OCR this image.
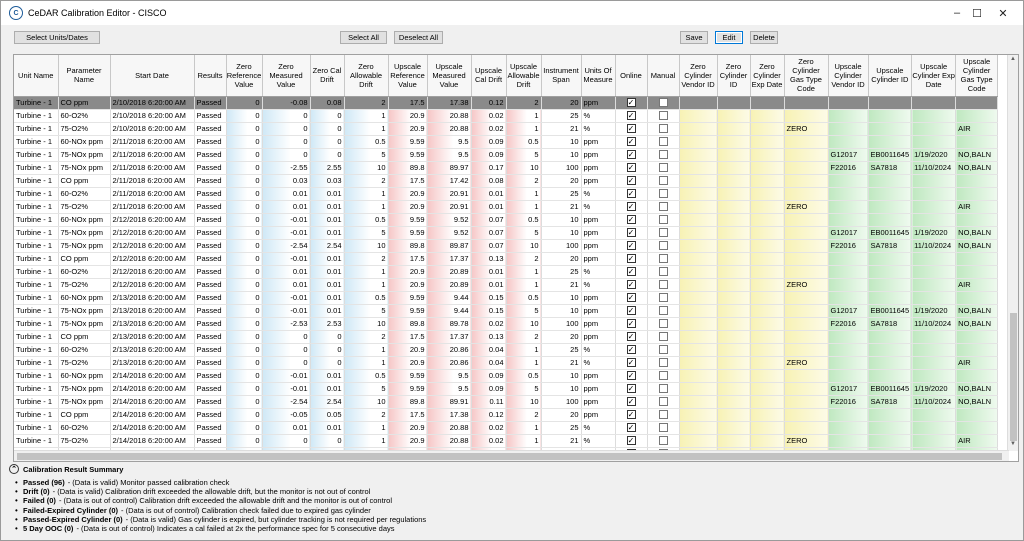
C	CeDAR Calibration Editor - CISCO	–	☐	✕
Select Units/Dates	Select All	Deselect All	Save	Edit	Delete
Unit Name	Parameter Name	Start Date	Results	Zero Reference Value	Zero Measured Value	Zero Cal Drift	Zero Allowable Drift	Upscale Reference Value	Upscale Measured Value	Upscale Cal Drift	Upscale Allowable Drift	Instrument Span	Units Of Measure	Online	Manual	Zero Cylinder Vendor ID	Zero Cylinder ID	Zero Cylinder Exp Date	Zero Cylinder Gas Type Code	Upscale Cylinder Vendor ID	Upscale Cylinder ID	Upscale Cylinder Exp Date	Upscale Cylinder Gas Type Code
Turbine - 1	CO ppm	2/10/2018 6:20:00 AM	Passed	0	-0.08	0.08	2	17.5	17.38	0.12	2	20	ppm	✓									
Turbine - 1	60-O2%	2/10/2018 6:20:00 AM	Passed	0	0	0	1	20.9	20.88	0.02	1	25	%	✓									
Turbine - 1	75-O2%	2/10/2018 6:20:00 AM	Passed	0	0	0	1	20.9	20.88	0.02	1	21	%	✓					ZERO				AIR
Turbine - 1	60-NOx ppm	2/11/2018 6:20:00 AM	Passed	0	0	0	0.5	9.59	9.5	0.09	0.5	10	ppm	✓									
Turbine - 1	75-NOx ppm	2/11/2018 6:20:00 AM	Passed	0	0	0	5	9.59	9.5	0.09	5	10	ppm	✓						G12017	EB0011645	1/19/2020	NO,BALN
Turbine - 1	75-NOx ppm	2/11/2018 6:20:00 AM	Passed	0	-2.55	2.55	10	89.8	89.97	0.17	10	100	ppm	✓						F22016	SA7818	11/10/2024	NO,BALN
Turbine - 1	CO ppm	2/11/2018 6:20:00 AM	Passed	0	0.03	0.03	2	17.5	17.42	0.08	2	20	ppm	✓									
Turbine - 1	60-O2%	2/11/2018 6:20:00 AM	Passed	0	0.01	0.01	1	20.9	20.91	0.01	1	25	%	✓									
Turbine - 1	75-O2%	2/11/2018 6:20:00 AM	Passed	0	0.01	0.01	1	20.9	20.91	0.01	1	21	%	✓					ZERO				AIR
Turbine - 1	60-NOx ppm	2/12/2018 6:20:00 AM	Passed	0	-0.01	0.01	0.5	9.59	9.52	0.07	0.5	10	ppm	✓									
Turbine - 1	75-NOx ppm	2/12/2018 6:20:00 AM	Passed	0	-0.01	0.01	5	9.59	9.52	0.07	5	10	ppm	✓						G12017	EB0011645	1/19/2020	NO,BALN
Turbine - 1	75-NOx ppm	2/12/2018 6:20:00 AM	Passed	0	-2.54	2.54	10	89.8	89.87	0.07	10	100	ppm	✓						F22016	SA7818	11/10/2024	NO,BALN
Turbine - 1	CO ppm	2/12/2018 6:20:00 AM	Passed	0	-0.01	0.01	2	17.5	17.37	0.13	2	20	ppm	✓									
Turbine - 1	60-O2%	2/12/2018 6:20:00 AM	Passed	0	0.01	0.01	1	20.9	20.89	0.01	1	25	%	✓									
Turbine - 1	75-O2%	2/12/2018 6:20:00 AM	Passed	0	0.01	0.01	1	20.9	20.89	0.01	1	21	%	✓					ZERO				AIR
Turbine - 1	60-NOx ppm	2/13/2018 6:20:00 AM	Passed	0	-0.01	0.01	0.5	9.59	9.44	0.15	0.5	10	ppm	✓									
Turbine - 1	75-NOx ppm	2/13/2018 6:20:00 AM	Passed	0	-0.01	0.01	5	9.59	9.44	0.15	5	10	ppm	✓						G12017	EB0011645	1/19/2020	NO,BALN
Turbine - 1	75-NOx ppm	2/13/2018 6:20:00 AM	Passed	0	-2.53	2.53	10	89.8	89.78	0.02	10	100	ppm	✓						F22016	SA7818	11/10/2024	NO,BALN
Turbine - 1	CO ppm	2/13/2018 6:20:00 AM	Passed	0	0	0	2	17.5	17.37	0.13	2	20	ppm	✓									
Turbine - 1	60-O2%	2/13/2018 6:20:00 AM	Passed	0	0	0	1	20.9	20.86	0.04	1	25	%	✓									
Turbine - 1	75-O2%	2/13/2018 6:20:00 AM	Passed	0	0	0	1	20.9	20.86	0.04	1	21	%	✓					ZERO				AIR
Turbine - 1	60-NOx ppm	2/14/2018 6:20:00 AM	Passed	0	-0.01	0.01	0.5	9.59	9.5	0.09	0.5	10	ppm	✓									
Turbine - 1	75-NOx ppm	2/14/2018 6:20:00 AM	Passed	0	-0.01	0.01	5	9.59	9.5	0.09	5	10	ppm	✓						G12017	EB0011645	1/19/2020	NO,BALN
Turbine - 1	75-NOx ppm	2/14/2018 6:20:00 AM	Passed	0	-2.54	2.54	10	89.8	89.91	0.11	10	100	ppm	✓						F22016	SA7818	11/10/2024	NO,BALN
Turbine - 1	CO ppm	2/14/2018 6:20:00 AM	Passed	0	-0.05	0.05	2	17.5	17.38	0.12	2	20	ppm	✓									
Turbine - 1	60-O2%	2/14/2018 6:20:00 AM	Passed	0	0.01	0.01	1	20.9	20.88	0.02	1	25	%	✓									
Turbine - 1	75-O2%	2/14/2018 6:20:00 AM	Passed	0	0	0	1	20.9	20.88	0.02	1	21	%	✓					ZERO				AIR

▲
▼
⌃ Calibration Result Summary
• Passed (96) - (Data is valid) Monitor passed calibration check
• Drift (0) - (Data is valid) Calibration drift exceeded the allowable drift, but the monitor is not out of control
• Failed (0) - (Data is out of control) Calibration drift exceeded the allowable drift and the monitor is out of control
• Failed-Expired Cylinder (0) - (Data is out of control) Calibration check failed due to expired gas cylinder
• Passed-Expired Cylinder (0) - (Data is valid) Gas cylinder is expired, but cylinder tracking is not required per regulations
• 5 Day OOC (0) - (Data is out of control) Indicates a cal failed at 2x the performance spec for 5 consecutive days
